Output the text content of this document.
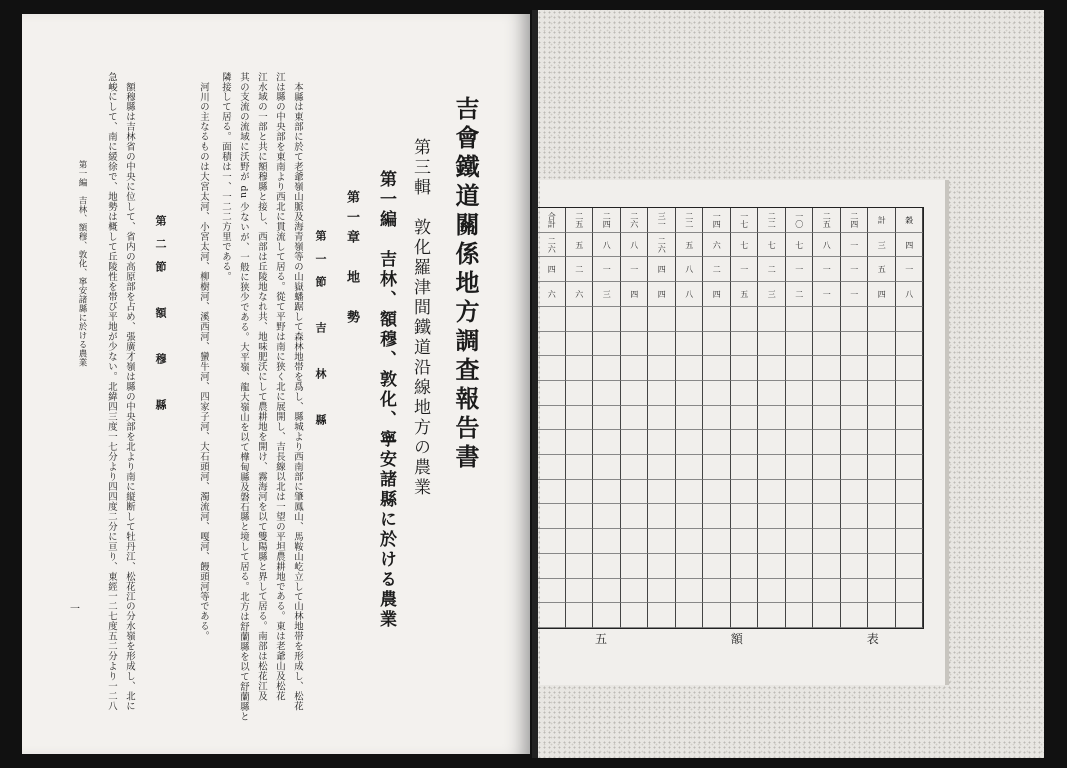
吉會鐵道關係地方調査報告書
第三輯　敦化羅津間鐵道沿線地方の農業
第一編　吉林、額穆、敦化、寧安諸縣に於ける農業
第一章　地　勢
第一節　吉　林　縣
本縣は東部に於て老爺嶺山脈及海青嶺等の山嶽蟠踞して森林地帯を爲し、縣城より西南部に肇鳳山、馬鞍山屹立して山林地帯を形成し、松花
江は縣の中央部を東南より西北に貫流して居る。從て平野は南に狭く北に展開し、吉長線以北は一望の平坦農耕地である。東は老爺山及松花
江水域の一部と共に額穆縣と接し、西部は丘陵地なれ共、地味肥沃にして農耕地を開け、霧海河を以て雙陽縣と界して居る。南部は松花江及
其の支流の流域に沃野が du 少ないが、一般に狭少である。大平嶺、龍大嶺山を以て樺甸縣及磐石縣と境して居る。北方は舒蘭縣を以て舒蘭縣と
隣接して居る。面積は一、一二二方里である。
河川の主なるものは大宮太河、小宮太河、柳樹河、溪西河、蠻牛河、四家子河、大石頭河、濁流河、嘎河、饅頭河等である。
第二節　額　穆　縣
額穆縣は吉林省の中央に位して、省内の高原部を占め、張廣才嶺は縣の中央部を北より南に縦断して牡丹江、松花江の分水嶺を形成し、北に
急峻にして、南に緩徐で、地勢は概して丘陵性を帯び平地が少ない。北緯四三度一七分より四四度二分に亘り、東經一二七度五二分より一二八
第一編　吉林、額穆、敦化、寧安諸縣に於ける農業
一
合計	二五	二四	二六	三一	二二	一四	一七	二二	一〇	二五	二四	計	穀
二六	五	八	八	二六	五	六	七	七	七	八	一	三	四
四	二	一	一	四	八	二	一	二	一	一	一	五	一
六	六	三	四	四	八	四	五	三	二	一	一	四	八
五	額	表
